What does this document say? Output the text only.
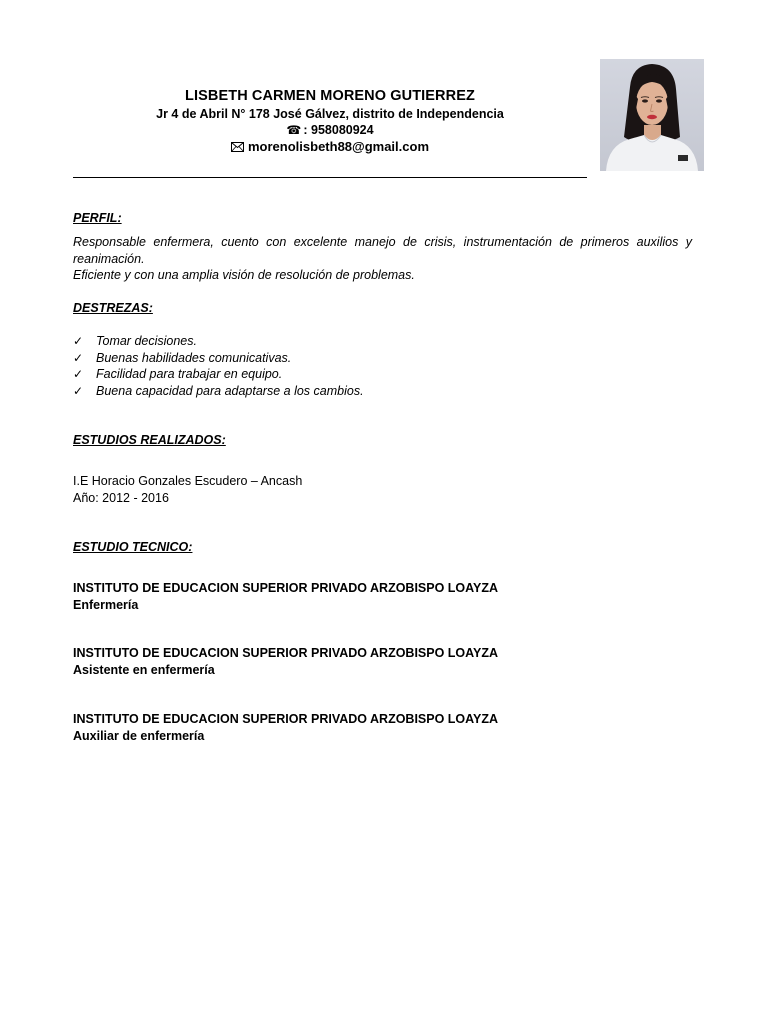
LISBETH CARMEN MORENO GUTIERREZ

Jr 4 de Abril N° 178 José Gálvez, distrito de Independencia

☎ : 958080924

morenolisbeth88@gmail.com

PERFIL:

Responsable enfermera, cuento con excelente manejo de crisis, instrumentación de primeros auxilios y reanimación.

Eficiente y con una amplia visión de resolución de problemas.

DESTREZAS:

✓	Tomar decisiones.
✓	Buenas habilidades comunicativas.
✓	Facilidad para trabajar en equipo.
✓	Buena capacidad para adaptarse a los cambios.

ESTUDIOS REALIZADOS:

I.E Horacio Gonzales Escudero – Ancash

Año: 2012 - 2016

ESTUDIO TECNICO:

INSTITUTO DE EDUCACION SUPERIOR PRIVADO ARZOBISPO LOAYZA

Enfermería

INSTITUTO DE EDUCACION SUPERIOR PRIVADO ARZOBISPO LOAYZA

Asistente en enfermería

INSTITUTO DE EDUCACION SUPERIOR PRIVADO ARZOBISPO LOAYZA

Auxiliar de enfermería
